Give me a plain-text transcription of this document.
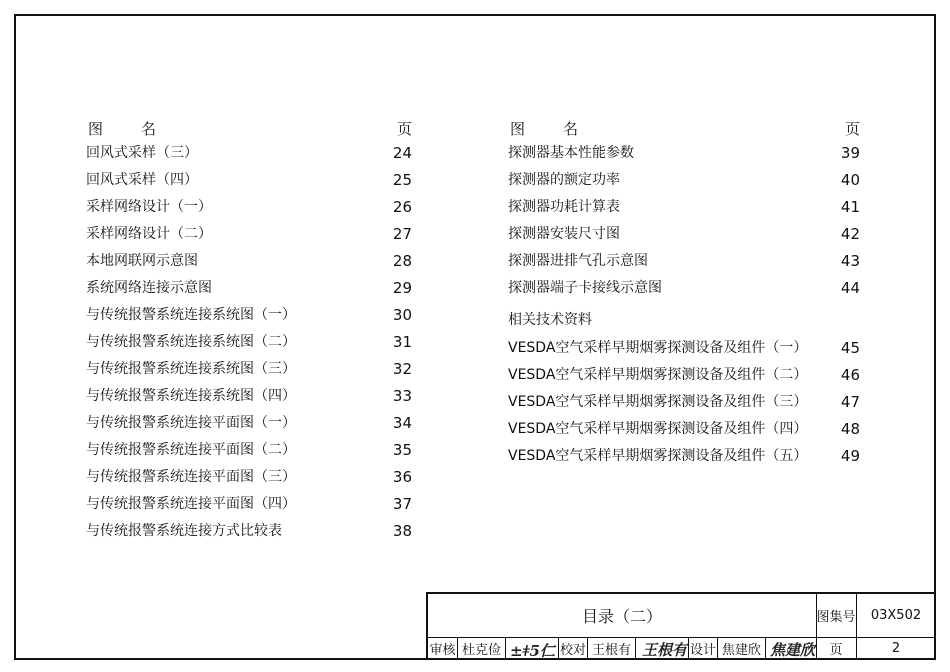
图名	页
回风式采样（三）	24
回风式采样（四）	25
采样网络设计（一）	26
采样网络设计（二）	27
本地网联网示意图	28
系统网络连接示意图	29
与传统报警系统连接系统图（一）	30
与传统报警系统连接系统图（二）	31
与传统报警系统连接系统图（三）	32
与传统报警系统连接系统图（四）	33
与传统报警系统连接平面图（一）	34
与传统报警系统连接平面图（二）	35
与传统报警系统连接平面图（三）	36
与传统报警系统连接平面图（四）	37
与传统报警系统连接方式比较表	38
图名	页
探测器基本性能参数	39
探测器的额定功率	40
探测器功耗计算表	41
探测器安装尺寸图	42
探测器进排气孔示意图	43
探测器端子卡接线示意图	44
相关技术资料
VESDA空气采样早期烟雾探测设备及组件（一）	45
VESDA空气采样早期烟雾探测设备及组件（二）	46
VESDA空气采样早期烟雾探测设备及组件（三）	47
VESDA空气采样早期烟雾探测设备及组件（四）	48
VESDA空气采样早期烟雾探测设备及组件（五）	49
目录（二）	图集号	03X502
页	2
审核 杜克俭 ±ǂ5仁 校对 王根有 王根有 设计 焦建欣 焦建欣
